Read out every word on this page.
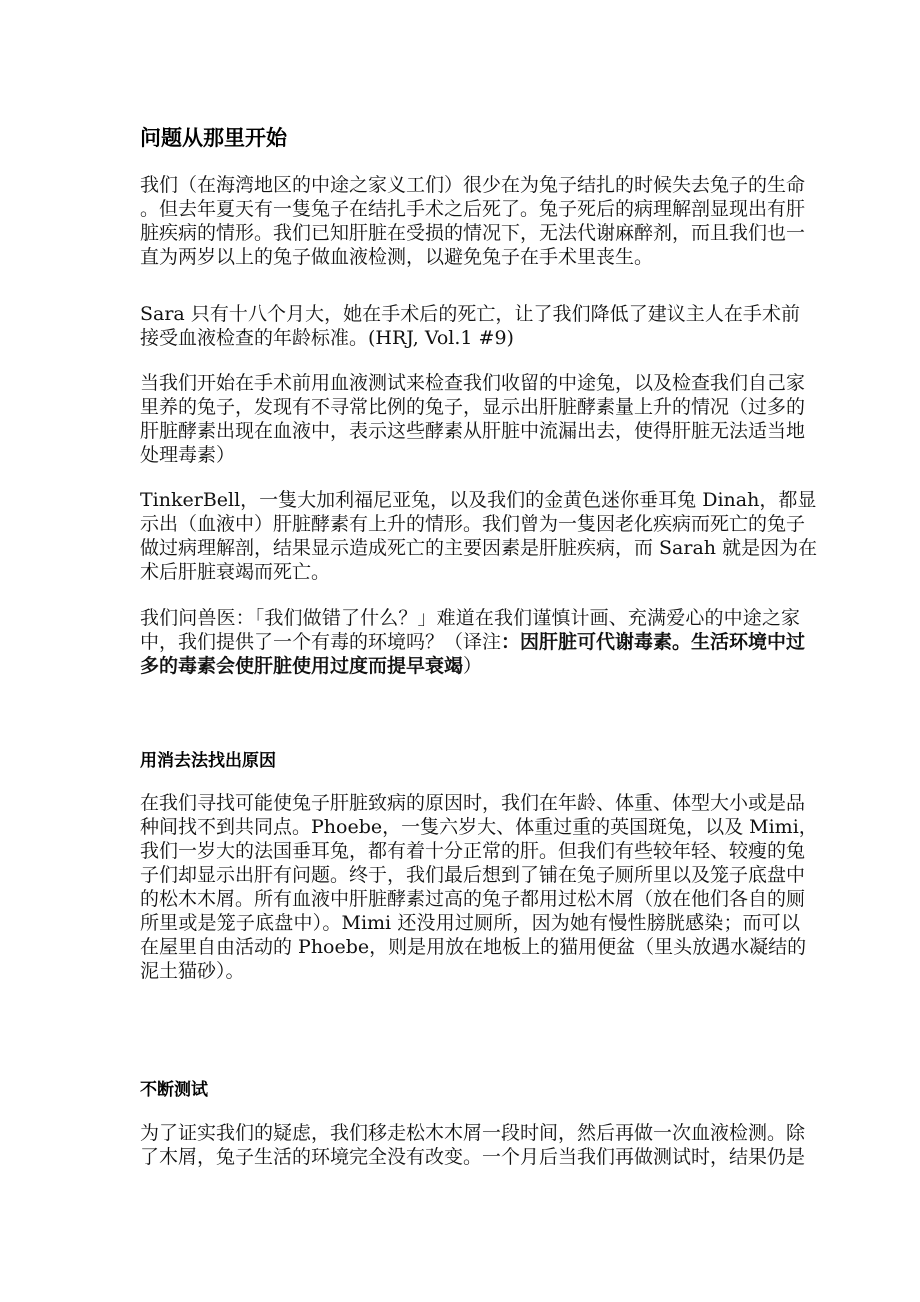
问题从那里开始
我们（在海湾地区的中途之家义工们）很少在为兔子结扎的时候失去兔子的生命
。但去年夏天有一隻兔子在结扎手术之后死了。兔子死后的病理解剖显现出有肝
脏疾病的情形。我们已知肝脏在受损的情况下，无法代谢麻醉剂，而且我们也一
直为两岁以上的兔子做血液检测，以避免兔子在手术里丧生。
Sara 只有十八个月大，她在手术后的死亡，让了我们降低了建议主人在手术前
接受血液检查的年龄标准。(HRJ, Vol.1 #9)
当我们开始在手术前用血液测试来检查我们收留的中途兔，以及检查我们自己家
里养的兔子，发现有不寻常比例的兔子，显示出肝脏酵素量上升的情况（过多的
肝脏酵素出现在血液中，表示这些酵素从肝脏中流漏出去，使得肝脏无法适当地
处理毒素）
TinkerBell，一隻大加利福尼亚兔，以及我们的金黄色迷你垂耳兔 Dinah，都显
示出（血液中）肝脏酵素有上升的情形。我们曾为一隻因老化疾病而死亡的兔子
做过病理解剖，结果显示造成死亡的主要因素是肝脏疾病，而 Sarah 就是因为在
术后肝脏衰竭而死亡。
我们问兽医：「我们做错了什么？」难道在我们谨慎计画、充满爱心的中途之家
中，我们提供了一个有毒的环境吗？（译注：因肝脏可代谢毒素。生活环境中过
多的毒素会使肝脏使用过度而提早衰竭）
用消去法找出原因
在我们寻找可能使兔子肝脏致病的原因时，我们在年龄、体重、体型大小或是品
种间找不到共同点。Phoebe，一隻六岁大、体重过重的英国斑兔，以及 Mimi，
我们一岁大的法国垂耳兔，都有着十分正常的肝。但我们有些较年轻、较瘦的兔
子们却显示出肝有问题。终于，我们最后想到了铺在兔子厕所里以及笼子底盘中
的松木木屑。所有血液中肝脏酵素过高的兔子都用过松木屑（放在他们各自的厕
所里或是笼子底盘中）。Mimi 还没用过厕所，因为她有慢性膀胱感染；而可以
在屋里自由活动的 Phoebe，则是用放在地板上的猫用便盆（里头放遇水凝结的
泥土猫砂）。
不断测试
为了证实我们的疑虑，我们移走松木木屑一段时间，然后再做一次血液检测。除
了木屑，兔子生活的环境完全没有改变。一个月后当我们再做测试时，结果仍是
